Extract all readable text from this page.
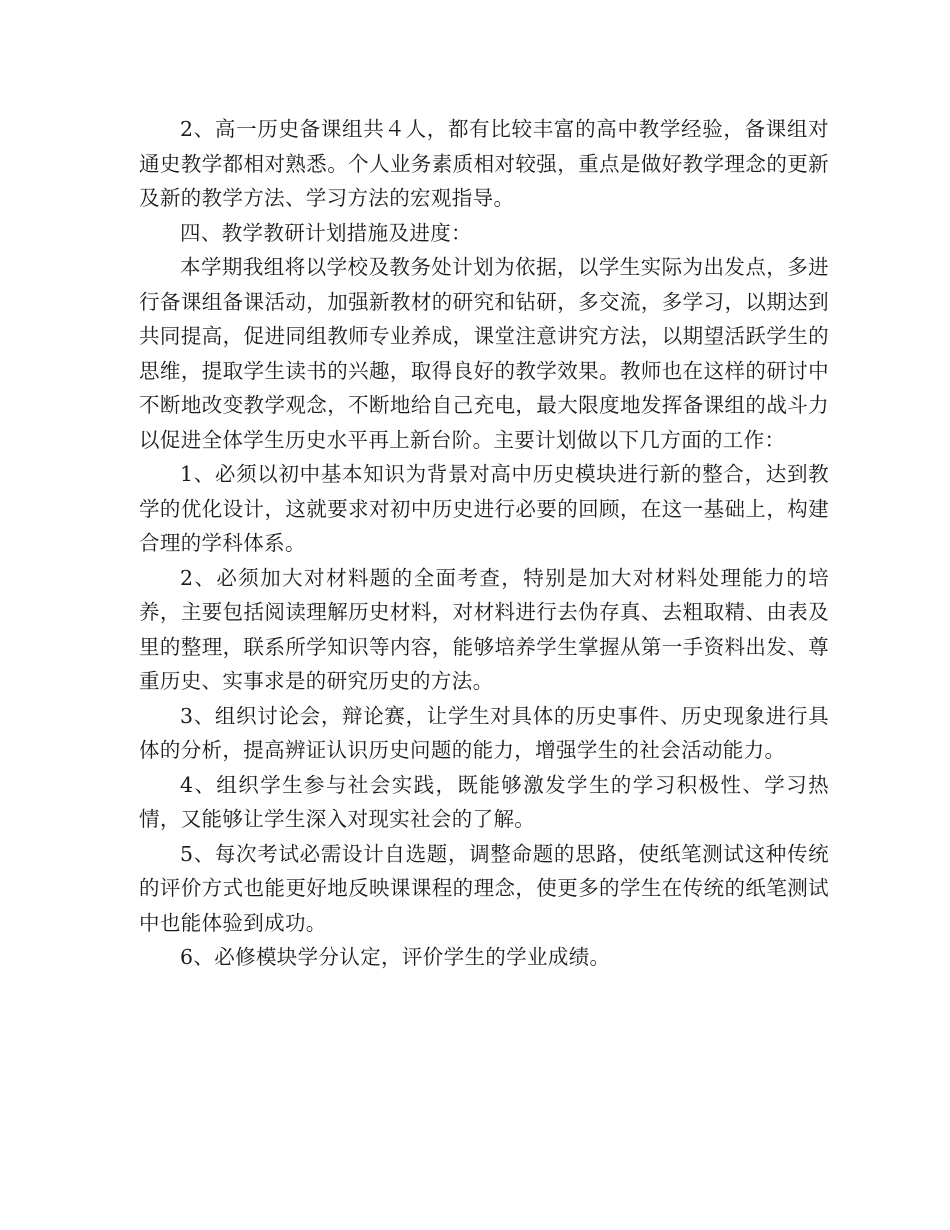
2、高一历史备课组共４人，都有比较丰富的高中教学经验，备课组对通史教学都相对熟悉。个人业务素质相对较强，重点是做好教学理念的更新及新的教学方法、学习方法的宏观指导。

四、教学教研计划措施及进度：

本学期我组将以学校及教务处计划为依据，以学生实际为出发点，多进行备课组备课活动，加强新教材的研究和钻研，多交流，多学习，以期达到共同提高，促进同组教师专业养成，课堂注意讲究方法，以期望活跃学生的思维，提取学生读书的兴趣，取得良好的教学效果。教师也在这样的研讨中不断地改变教学观念，不断地给自己充电，最大限度地发挥备课组的战斗力以促进全体学生历史水平再上新台阶。主要计划做以下几方面的工作：

1、必须以初中基本知识为背景对高中历史模块进行新的整合，达到教学的优化设计，这就要求对初中历史进行必要的回顾，在这一基础上，构建合理的学科体系。

2、必须加大对材料题的全面考查，特别是加大对材料处理能力的培养，主要包括阅读理解历史材料，对材料进行去伪存真、去粗取精、由表及里的整理，联系所学知识等内容，能够培养学生掌握从第一手资料出发、尊重历史、实事求是的研究历史的方法。

3、组织讨论会，辩论赛，让学生对具体的历史事件、历史现象进行具体的分析，提高辨证认识历史问题的能力，增强学生的社会活动能力。

4、组织学生参与社会实践，既能够激发学生的学习积极性、学习热情，又能够让学生深入对现实社会的了解。

5、每次考试必需设计自选题，调整命题的思路，使纸笔测试这种传统的评价方式也能更好地反映课课程的理念，使更多的学生在传统的纸笔测试中也能体验到成功。

6、必修模块学分认定，评价学生的学业成绩。
